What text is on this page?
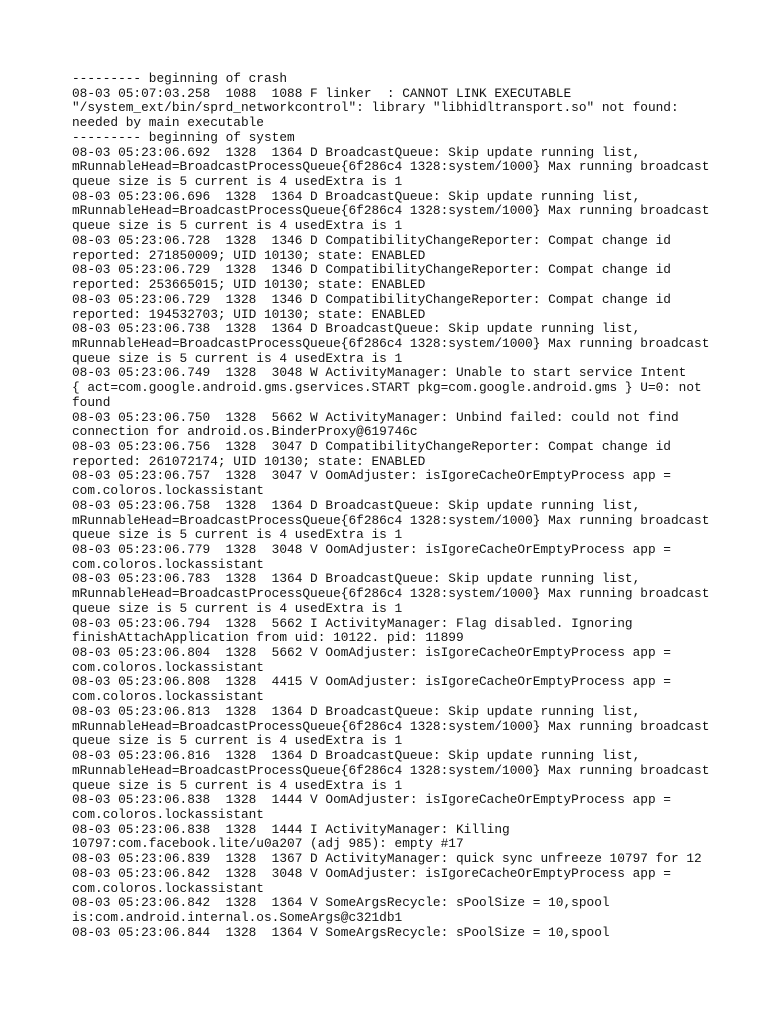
--------- beginning of crash
08-03 05:07:03.258  1088  1088 F linker  : CANNOT LINK EXECUTABLE
"/system_ext/bin/sprd_networkcontrol": library "libhidltransport.so" not found:
needed by main executable
--------- beginning of system
08-03 05:23:06.692  1328  1364 D BroadcastQueue: Skip update running list,
mRunnableHead=BroadcastProcessQueue{6f286c4 1328:system/1000} Max running broadcast
queue size is 5 current is 4 usedExtra is 1
08-03 05:23:06.696  1328  1364 D BroadcastQueue: Skip update running list,
mRunnableHead=BroadcastProcessQueue{6f286c4 1328:system/1000} Max running broadcast
queue size is 5 current is 4 usedExtra is 1
08-03 05:23:06.728  1328  1346 D CompatibilityChangeReporter: Compat change id
reported: 271850009; UID 10130; state: ENABLED
08-03 05:23:06.729  1328  1346 D CompatibilityChangeReporter: Compat change id
reported: 253665015; UID 10130; state: ENABLED
08-03 05:23:06.729  1328  1346 D CompatibilityChangeReporter: Compat change id
reported: 194532703; UID 10130; state: ENABLED
08-03 05:23:06.738  1328  1364 D BroadcastQueue: Skip update running list,
mRunnableHead=BroadcastProcessQueue{6f286c4 1328:system/1000} Max running broadcast
queue size is 5 current is 4 usedExtra is 1
08-03 05:23:06.749  1328  3048 W ActivityManager: Unable to start service Intent
{ act=com.google.android.gms.gservices.START pkg=com.google.android.gms } U=0: not
found
08-03 05:23:06.750  1328  5662 W ActivityManager: Unbind failed: could not find
connection for android.os.BinderProxy@619746c
08-03 05:23:06.756  1328  3047 D CompatibilityChangeReporter: Compat change id
reported: 261072174; UID 10130; state: ENABLED
08-03 05:23:06.757  1328  3047 V OomAdjuster: isIgoreCacheOrEmptyProcess app =
com.coloros.lockassistant
08-03 05:23:06.758  1328  1364 D BroadcastQueue: Skip update running list,
mRunnableHead=BroadcastProcessQueue{6f286c4 1328:system/1000} Max running broadcast
queue size is 5 current is 4 usedExtra is 1
08-03 05:23:06.779  1328  3048 V OomAdjuster: isIgoreCacheOrEmptyProcess app =
com.coloros.lockassistant
08-03 05:23:06.783  1328  1364 D BroadcastQueue: Skip update running list,
mRunnableHead=BroadcastProcessQueue{6f286c4 1328:system/1000} Max running broadcast
queue size is 5 current is 4 usedExtra is 1
08-03 05:23:06.794  1328  5662 I ActivityManager: Flag disabled. Ignoring
finishAttachApplication from uid: 10122. pid: 11899
08-03 05:23:06.804  1328  5662 V OomAdjuster: isIgoreCacheOrEmptyProcess app =
com.coloros.lockassistant
08-03 05:23:06.808  1328  4415 V OomAdjuster: isIgoreCacheOrEmptyProcess app =
com.coloros.lockassistant
08-03 05:23:06.813  1328  1364 D BroadcastQueue: Skip update running list,
mRunnableHead=BroadcastProcessQueue{6f286c4 1328:system/1000} Max running broadcast
queue size is 5 current is 4 usedExtra is 1
08-03 05:23:06.816  1328  1364 D BroadcastQueue: Skip update running list,
mRunnableHead=BroadcastProcessQueue{6f286c4 1328:system/1000} Max running broadcast
queue size is 5 current is 4 usedExtra is 1
08-03 05:23:06.838  1328  1444 V OomAdjuster: isIgoreCacheOrEmptyProcess app =
com.coloros.lockassistant
08-03 05:23:06.838  1328  1444 I ActivityManager: Killing
10797:com.facebook.lite/u0a207 (adj 985): empty #17
08-03 05:23:06.839  1328  1367 D ActivityManager: quick sync unfreeze 10797 for 12
08-03 05:23:06.842  1328  3048 V OomAdjuster: isIgoreCacheOrEmptyProcess app =
com.coloros.lockassistant
08-03 05:23:06.842  1328  1364 V SomeArgsRecycle: sPoolSize = 10,spool
is:com.android.internal.os.SomeArgs@c321db1
08-03 05:23:06.844  1328  1364 V SomeArgsRecycle: sPoolSize = 10,spool
